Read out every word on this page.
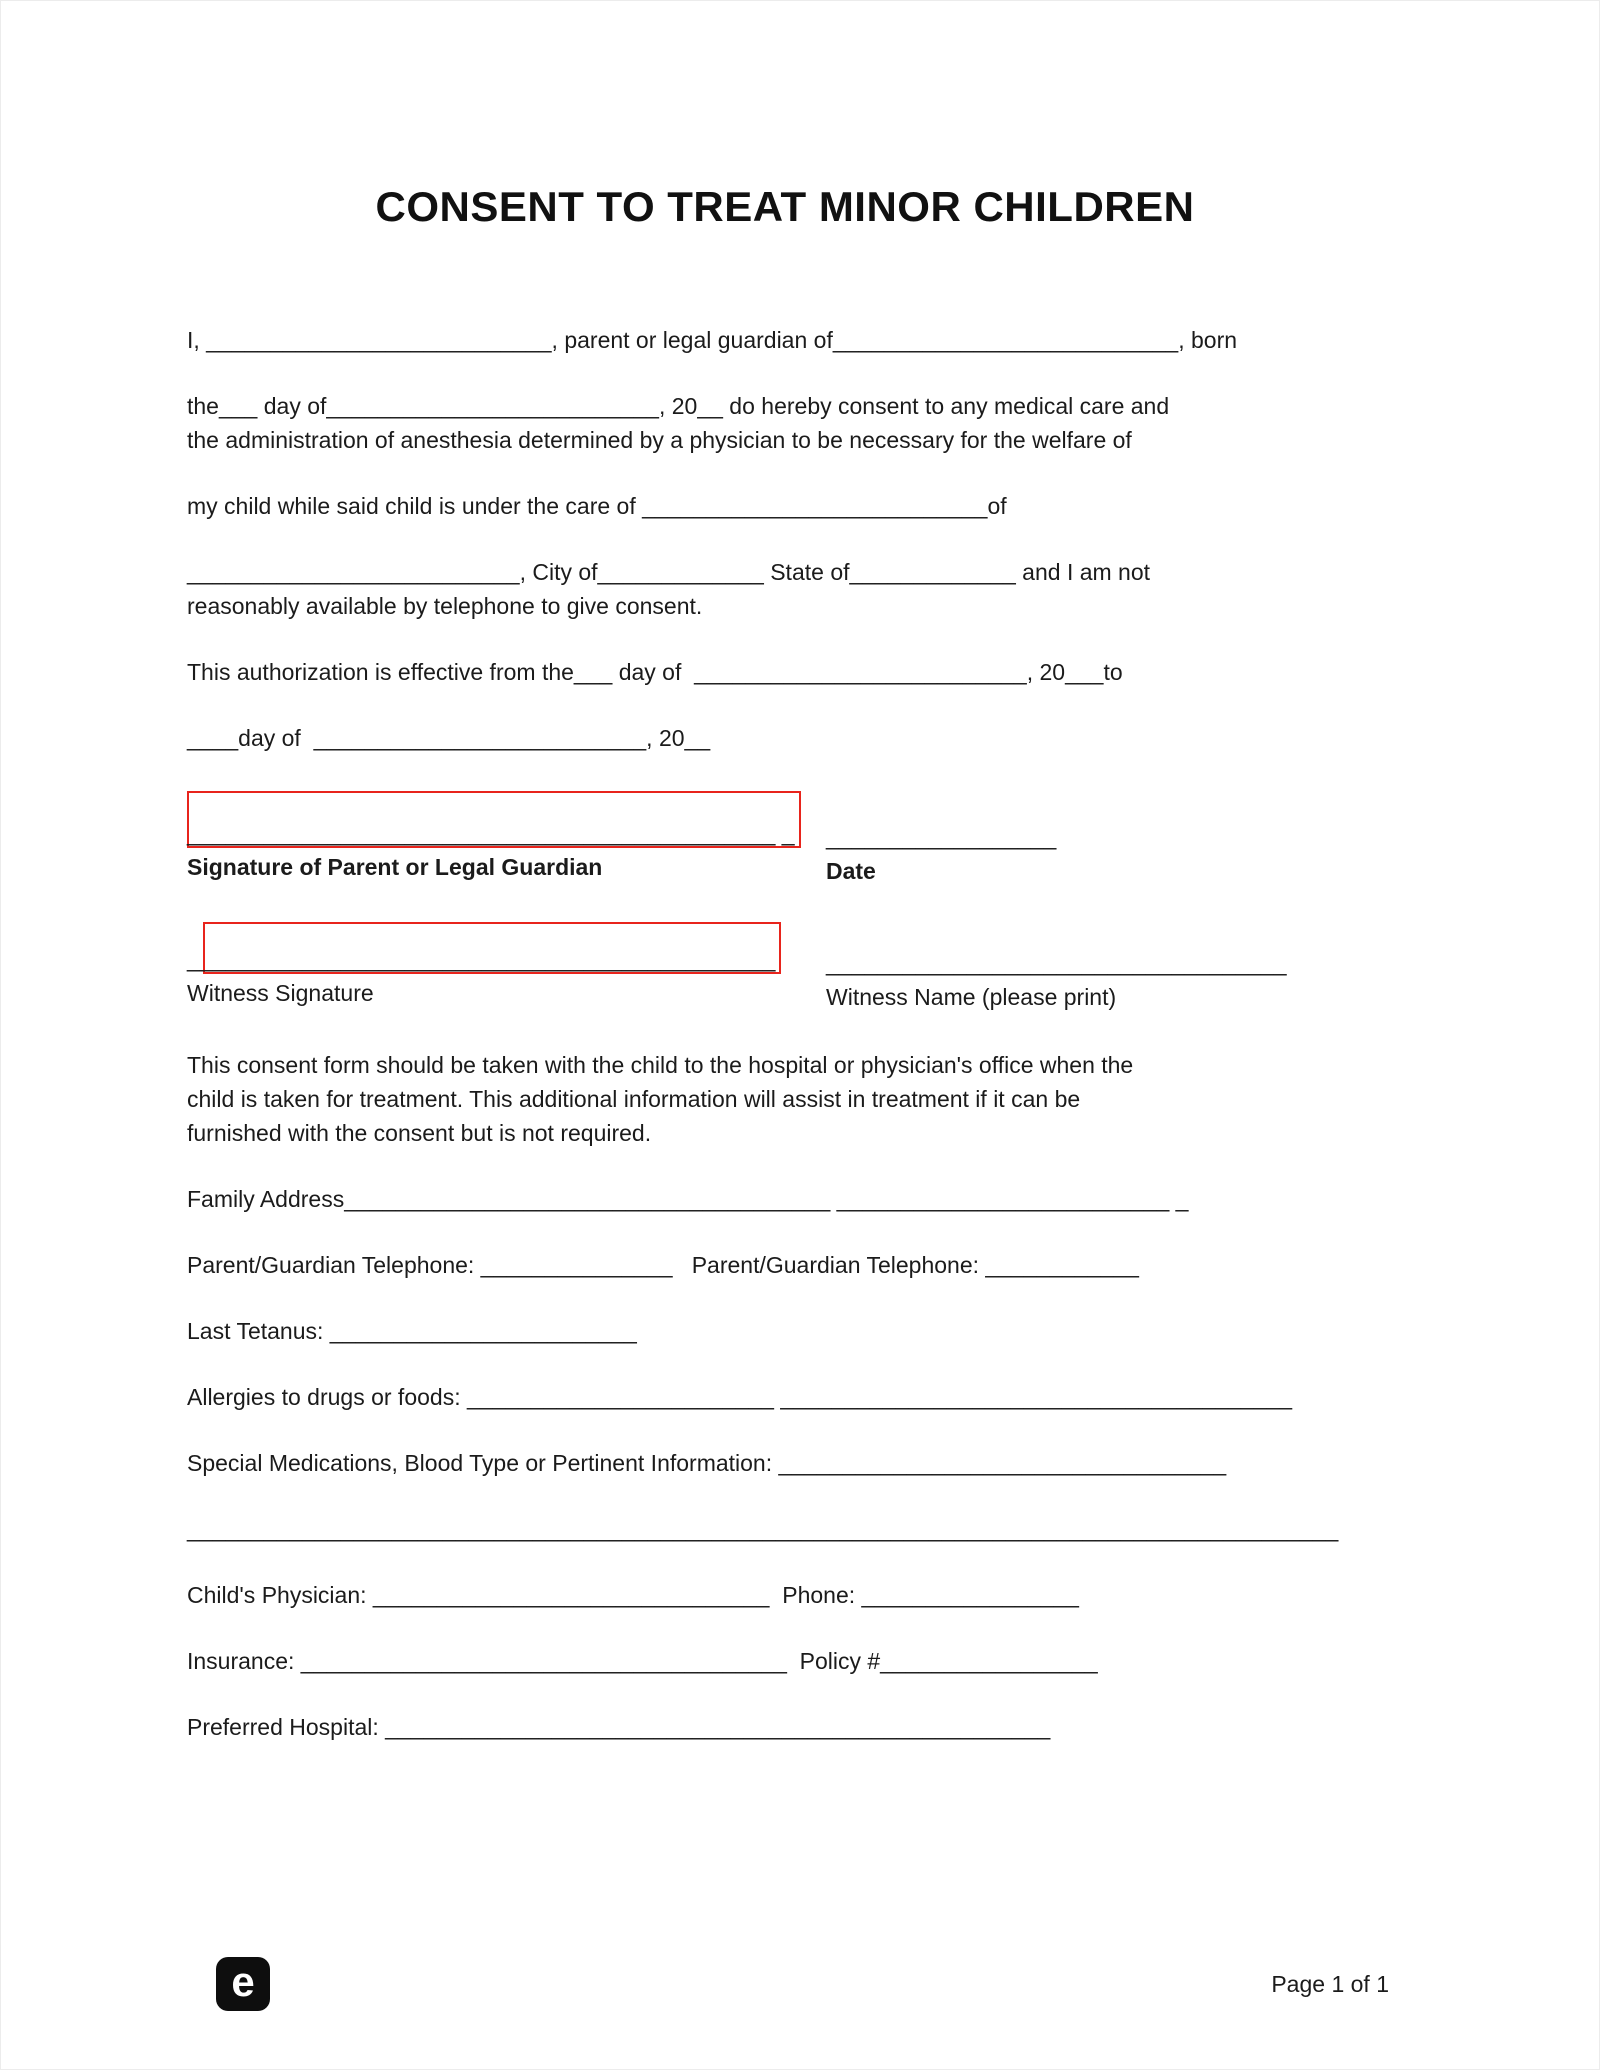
CONSENT TO TREAT MINOR CHILDREN
I, ___________________________, parent or legal guardian of___________________________, born
the___ day of__________________________, 20__ do hereby consent to any medical care and
the administration of anesthesia determined by a physician to be necessary for the welfare of
my child while said child is under the care of ___________________________of
__________________________, City of_____________ State of_____________ and I am not
reasonably available by telephone to give consent.
This authorization is effective from the___ day of  __________________________, 20___to
____day of  __________________________, 20__
______________________________________________ _
Signature of Parent or Legal Guardian
__________________
Date
______________________________________________
Witness Signature
____________________________________
Witness Name (please print)
This consent form should be taken with the child to the hospital or physician's office when the
child is taken for treatment. This additional information will assist in treatment if it can be
furnished with the consent but is not required.
Family Address______________________________________ __________________________ _
Parent/Guardian Telephone: _______________   Parent/Guardian Telephone: ____________
Last Tetanus: ________________________
Allergies to drugs or foods: ________________________ ________________________________________
Special Medications, Blood Type or Pertinent Information: ___________________________________
__________________________________________________________________________________________
Child's Physician: _______________________________  Phone: _________________
Insurance: ______________________________________  Policy #_________________
Preferred Hospital: ____________________________________________________
e	Page 1 of 1
